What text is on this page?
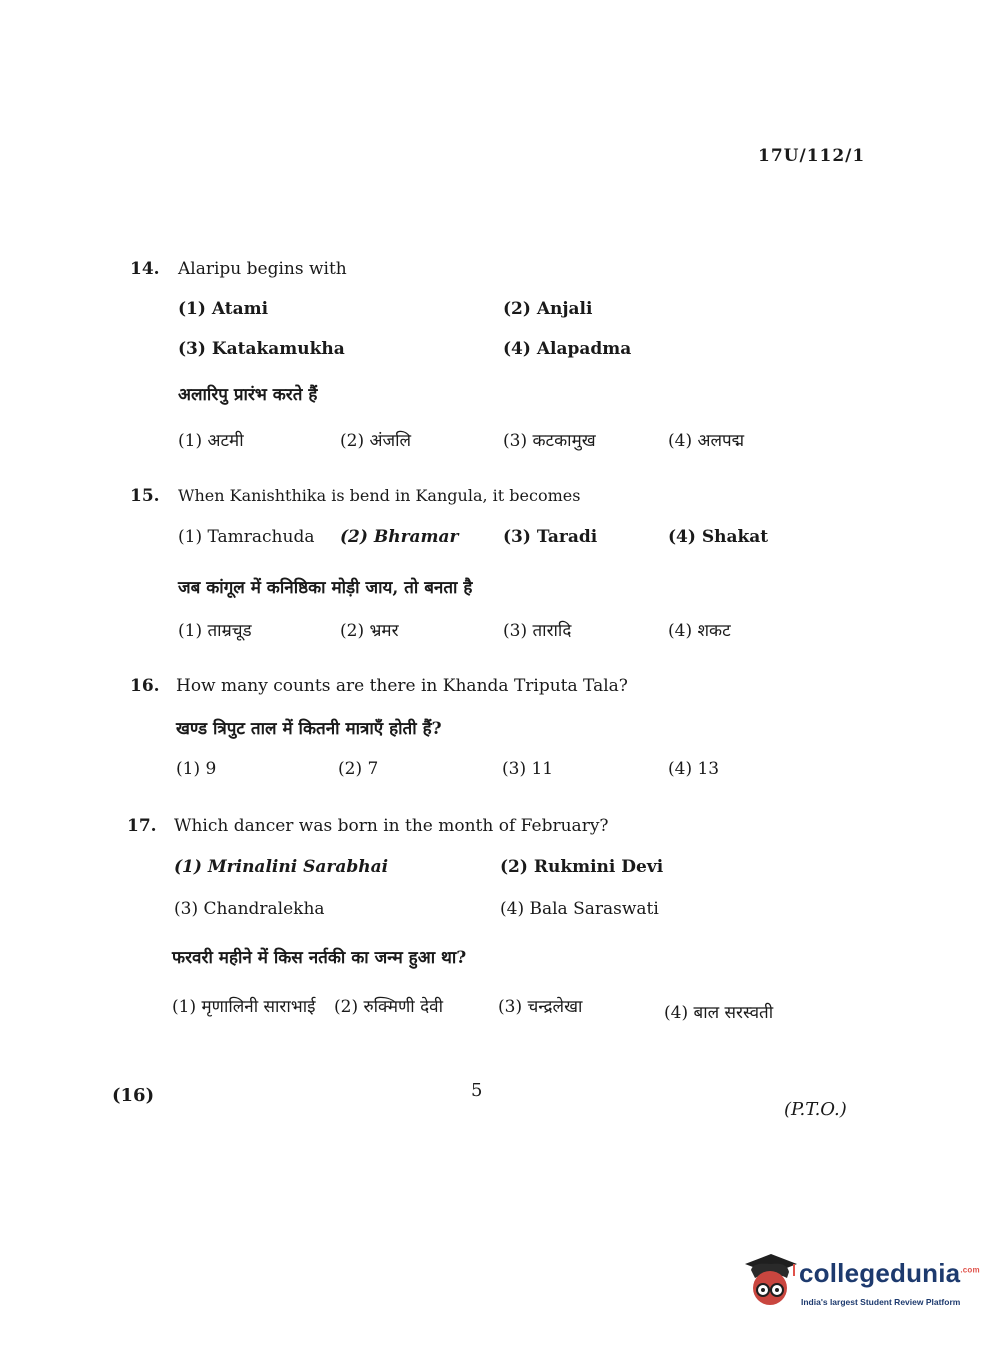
17U/112/1
14. Alaripu begins with
(1) Atami	(2) Anjali
(3) Katakamukha	(4) Alapadma
अलारिपु प्रारंभ करते हैं
(1) अटमी	(2) अंजलि	(3) कटकामुख	(4) अलपद्म
15. When Kanishthika is bend in Kangula, it becomes
(1) Tamrachuda (2) Bhramar	(3) Taradi	(4) Shakat
जब कांगूल में कनिष्ठिका मोड़ी जाय, तो बनता है
(1) ताम्रचूड	(2) भ्रमर	(3) तारादि	(4) शकट
16. How many counts are there in Khanda Triputa Tala?
खण्ड त्रिपुट ताल में कितनी मात्राएँ होती हैं?
(1) 9	(2) 7	(3) 11	(4) 13
17. Which dancer was born in the month of February?
(1) Mrinalini Sarabhai	(2) Rukmini Devi
(3) Chandralekha	(4) Bala Saraswati
फरवरी महीने में किस नर्तकी का जन्म हुआ था?
(1) मृणालिनी साराभाई (2) रुक्मिणी देवी	(3) चन्द्रलेखा	(4) बाल सरस्वती
(16)	5
(P.T.O.)
collegedunia$^{.com}$
India's largest Student Review Platform
